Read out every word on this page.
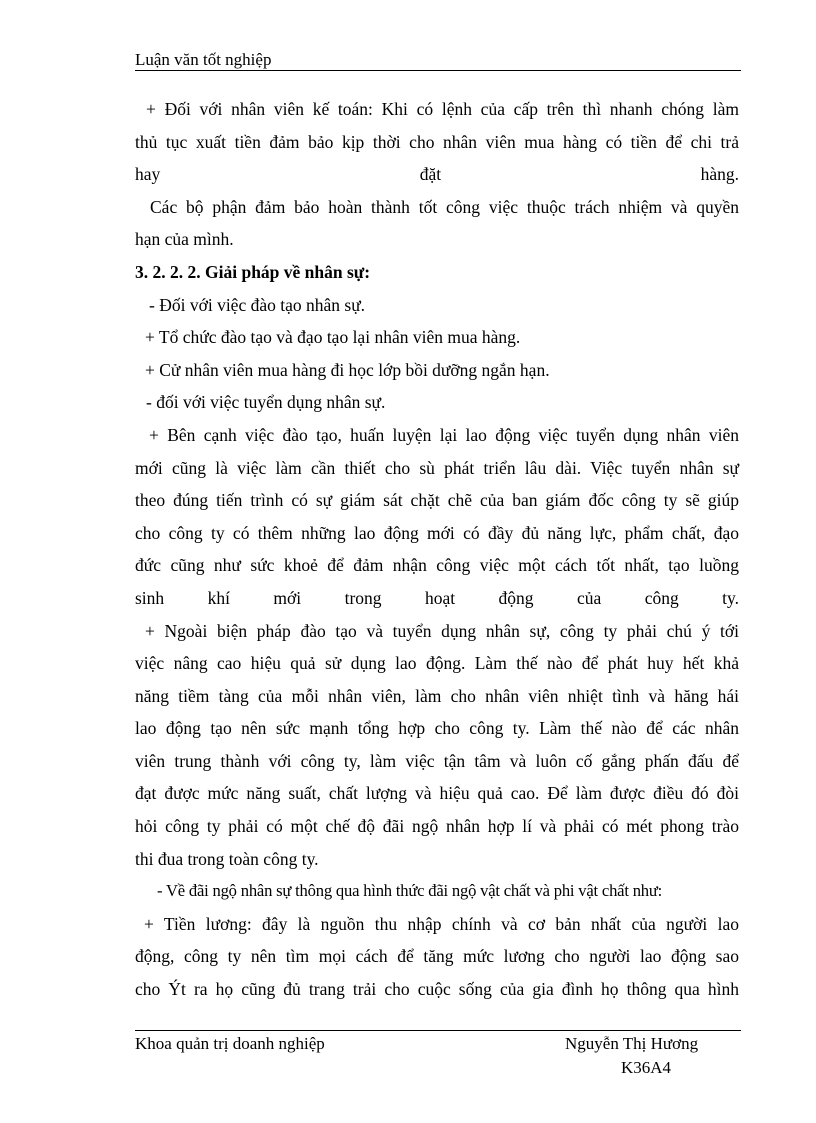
Luận văn tốt nghiệp

+ Đối với nhân viên kế toán: Khi có lệnh của cấp trên thì nhanh chóng làm

thủ tục xuất tiền đảm bảo kịp thời cho nhân viên mua hàng có tiền để chi trả

hay đặt hàng.

Các bộ phận đảm bảo hoàn thành tốt công việc thuộc trách nhiệm và quyền

hạn của mình.

3. 2. 2. 2. Giải pháp về nhân sự:

- Đối với việc đào tạo nhân sự.

+ Tổ chức đào tạo và đạo tạo lại nhân viên mua hàng.

+ Cử nhân viên mua hàng đi học lớp bồi dưỡng ngắn hạn.

- đối với việc tuyển dụng nhân sự.

+ Bên cạnh việc đào tạo, huấn luyện lại lao động việc tuyển dụng nhân viên

mới cũng là việc làm cần thiết cho sù phát triển lâu dài. Việc tuyển nhân sự

theo đúng tiến trình có sự giám sát chặt chẽ của ban giám đốc công ty sẽ giúp

cho công ty có thêm những lao động mới có đầy đủ năng lực, phẩm chất, đạo

đức cũng như sức khoẻ để đảm nhận công việc một cách tốt nhất, tạo luồng

sinh khí mới trong hoạt động của công ty.

+ Ngoài biện pháp đào tạo và tuyển dụng nhân sự, công ty phải chú ý tới

việc nâng cao hiệu quả sử dụng lao động. Làm thế nào để phát huy hết khả

năng tiềm tàng của mỗi nhân viên, làm cho nhân viên nhiệt tình và hăng hái

lao động tạo nên sức mạnh tổng hợp cho công ty. Làm thế nào để các nhân

viên trung thành với công ty, làm việc tận tâm và luôn cố gắng phấn đấu để

đạt được mức năng suất, chất lượng và hiệu quả cao. Để làm được điều đó đòi

hỏi công ty phải có một chế độ đãi ngộ nhân hợp lí và phải có mét phong trào

thi đua trong toàn công ty.

- Về đãi ngộ nhân sự thông qua hình thức đãi ngộ vật chất và phi vật chất như:

+ Tiền lương: đây là nguồn thu nhập chính và cơ bản nhất của người lao

động, công ty nên tìm mọi cách để tăng mức lương cho người lao động sao

cho Ýt ra họ cũng đủ trang trải cho cuộc sống của gia đình họ thông qua hình

Khoa quản trị doanh nghiệp	Nguyễn Thị Hương
K36A4
